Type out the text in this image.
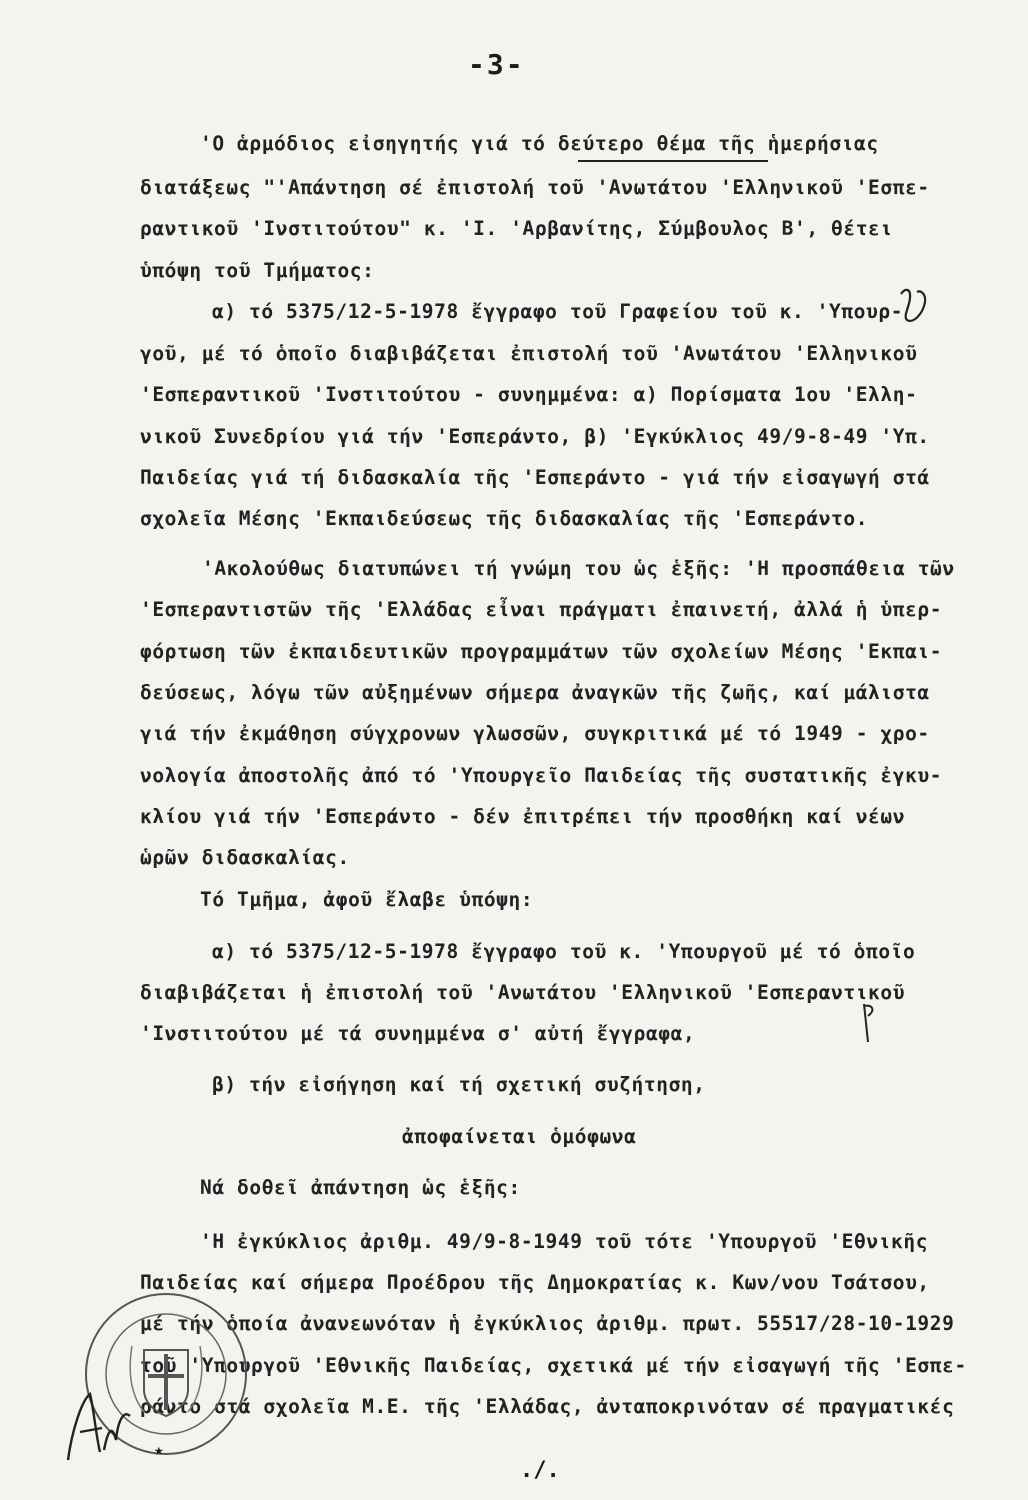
-3-
'Ο ἁρμόδιος εἰσηγητής γιά τό δεύτερο θέμα τῆς ἡμερήσιας
διατάξεως "'Απάντηση σέ ἐπιστολή τοῦ 'Ανωτάτου 'Ελληνικοῦ 'Εσπε-
ραντικοῦ 'Ινστιτούτου" κ. 'Ι. 'Αρβανίτης, Σύμβουλος Β', θέτει
ὑπόψη τοῦ Τμήματος:
α) τό 5375/12-5-1978 ἔγγραφο τοῦ Γραφείου τοῦ κ. 'Υπουρ-
γοῦ, μέ τό ὁποῖο διαβιβάζεται ἐπιστολή τοῦ 'Ανωτάτου 'Ελληνικοῦ
'Εσπεραντικοῦ 'Ινστιτούτου - συνημμένα: α) Πορίσματα 1ου 'Ελλη-
νικοῦ Συνεδρίου γιά τήν 'Εσπεράντο, β) 'Εγκύκλιος 49/9-8-49 'Υπ.
Παιδείας γιά τή διδασκαλία τῆς 'Εσπεράντο - γιά τήν εἰσαγωγή στά
σχολεῖα Μέσης 'Εκπαιδεύσεως τῆς διδασκαλίας τῆς 'Εσπεράντο.
'Ακολούθως διατυπώνει τή γνώμη του ὡς ἑξῆς: 'Η προσπάθεια τῶν
'Εσπεραντιστῶν τῆς 'Ελλάδας εἶναι πράγματι ἐπαινετή, ἀλλά ἡ ὑπερ-
φόρτωση τῶν ἐκπαιδευτικῶν προγραμμάτων τῶν σχολείων Μέσης 'Εκπαι-
δεύσεως, λόγω τῶν αὐξημένων σήμερα ἀναγκῶν τῆς ζωῆς, καί μάλιστα
γιά τήν ἐκμάθηση σύγχρονων γλωσσῶν, συγκριτικά μέ τό 1949 - χρο-
νολογία ἀποστολῆς ἀπό τό 'Υπουργεῖο Παιδείας τῆς συστατικῆς ἐγκυ-
κλίου γιά τήν 'Εσπεράντο - δέν ἐπιτρέπει τήν προσθήκη καί νέων
ὡρῶν διδασκαλίας.
Τό Τμῆμα, ἀφοῦ ἔλαβε ὑπόψη:
α) τό 5375/12-5-1978 ἔγγραφο τοῦ κ. 'Υπουργοῦ μέ τό ὁποῖο
διαβιβάζεται ἡ ἐπιστολή τοῦ 'Ανωτάτου 'Ελληνικοῦ 'Εσπεραντικοῦ
'Ινστιτούτου μέ τά συνημμένα σ' αὐτή ἔγγραφα,
β) τήν εἰσήγηση καί τή σχετική συζήτηση,
ἀποφαίνεται ὁμόφωνα
Νά δοθεῖ ἀπάντηση ὡς ἑξῆς:
'Η ἐγκύκλιος ἀριθμ. 49/9-8-1949 τοῦ τότε 'Υπουργοῦ 'Εθνικῆς
Παιδείας καί σήμερα Προέδρου τῆς Δημοκρατίας κ. Κων/νου Τσάτσου,
μέ τήν ὁποία ἀνανεωνόταν ἡ ἐγκύκλιος ἀριθμ. πρωτ. 55517/28-10-1929
τοῦ 'Υπουργοῦ 'Εθνικῆς Παιδείας, σχετικά μέ τήν εἰσαγωγή τῆς 'Εσπε-
ράντο στά σχολεῖα Μ.Ε. τῆς 'Ελλάδας, ἀνταποκρινόταν σέ πραγματικές
★
./.
